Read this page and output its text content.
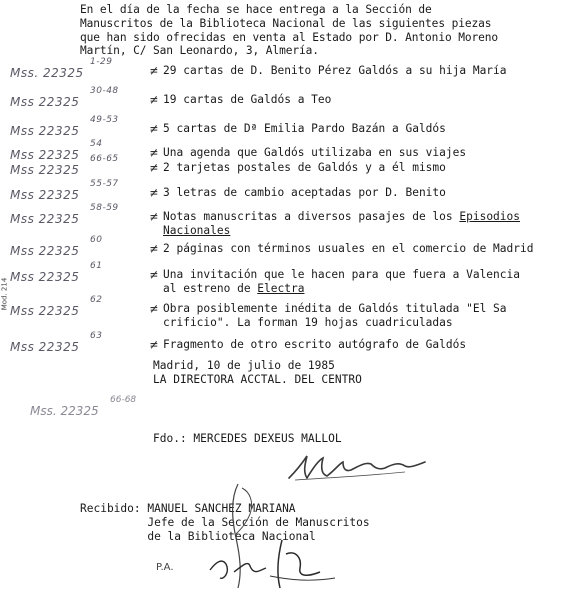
En el día de la fecha se hace entrega a la Sección de
Manuscritos de la Biblioteca Nacional de las siguientes piezas
que han sido ofrecidas en venta al Estado por D. Antonio Moreno
Martín, C/ San Leonardo, 3, Almería.
Mod. 214
Mss. 22325
1-29
≠ 29 cartas de D. Benito Pérez Galdós a su hija María
Mss 22325
30-48
≠ 19 cartas de Galdós a Teo
Mss 22325
49-53
≠ 5 cartas de Dª Emilia Pardo Bazán a Galdós
Mss 22325
54
≠ Una agenda que Galdós utilizaba en sus viajes
Mss 22325
66-65
≠ 2 tarjetas postales de Galdós y a él mismo
Mss 22325
55-57
≠ 3 letras de cambio aceptadas por D. Benito
Mss 22325
58-59
≠ Notas manuscritas a diversos pasajes de los Episodios
Nacionales
Mss 22325
60
≠ 2 páginas con términos usuales en el comercio de Madrid
Mss 22325
61
≠ Una invitación que le hacen para que fuera a Valencia
al estreno de Electra
Mss 22325
62
≠ Obra posiblemente inédita de Galdós titulada "El Sa
crificio". La forman 19 hojas cuadriculadas
Mss 22325
63
≠ Fragmento de otro escrito autógrafo de Galdós
Madrid, 10 de julio de 1985
LA DIRECTORA ACCTAL. DEL CENTRO
Mss. 22325
66-68
Fdo.: MERCEDES DEXEUS MALLOL
Recibido: MANUEL SANCHEZ MARIANA
Jefe de la Sección de Manuscritos
de la Biblioteca Nacional
P.A.
